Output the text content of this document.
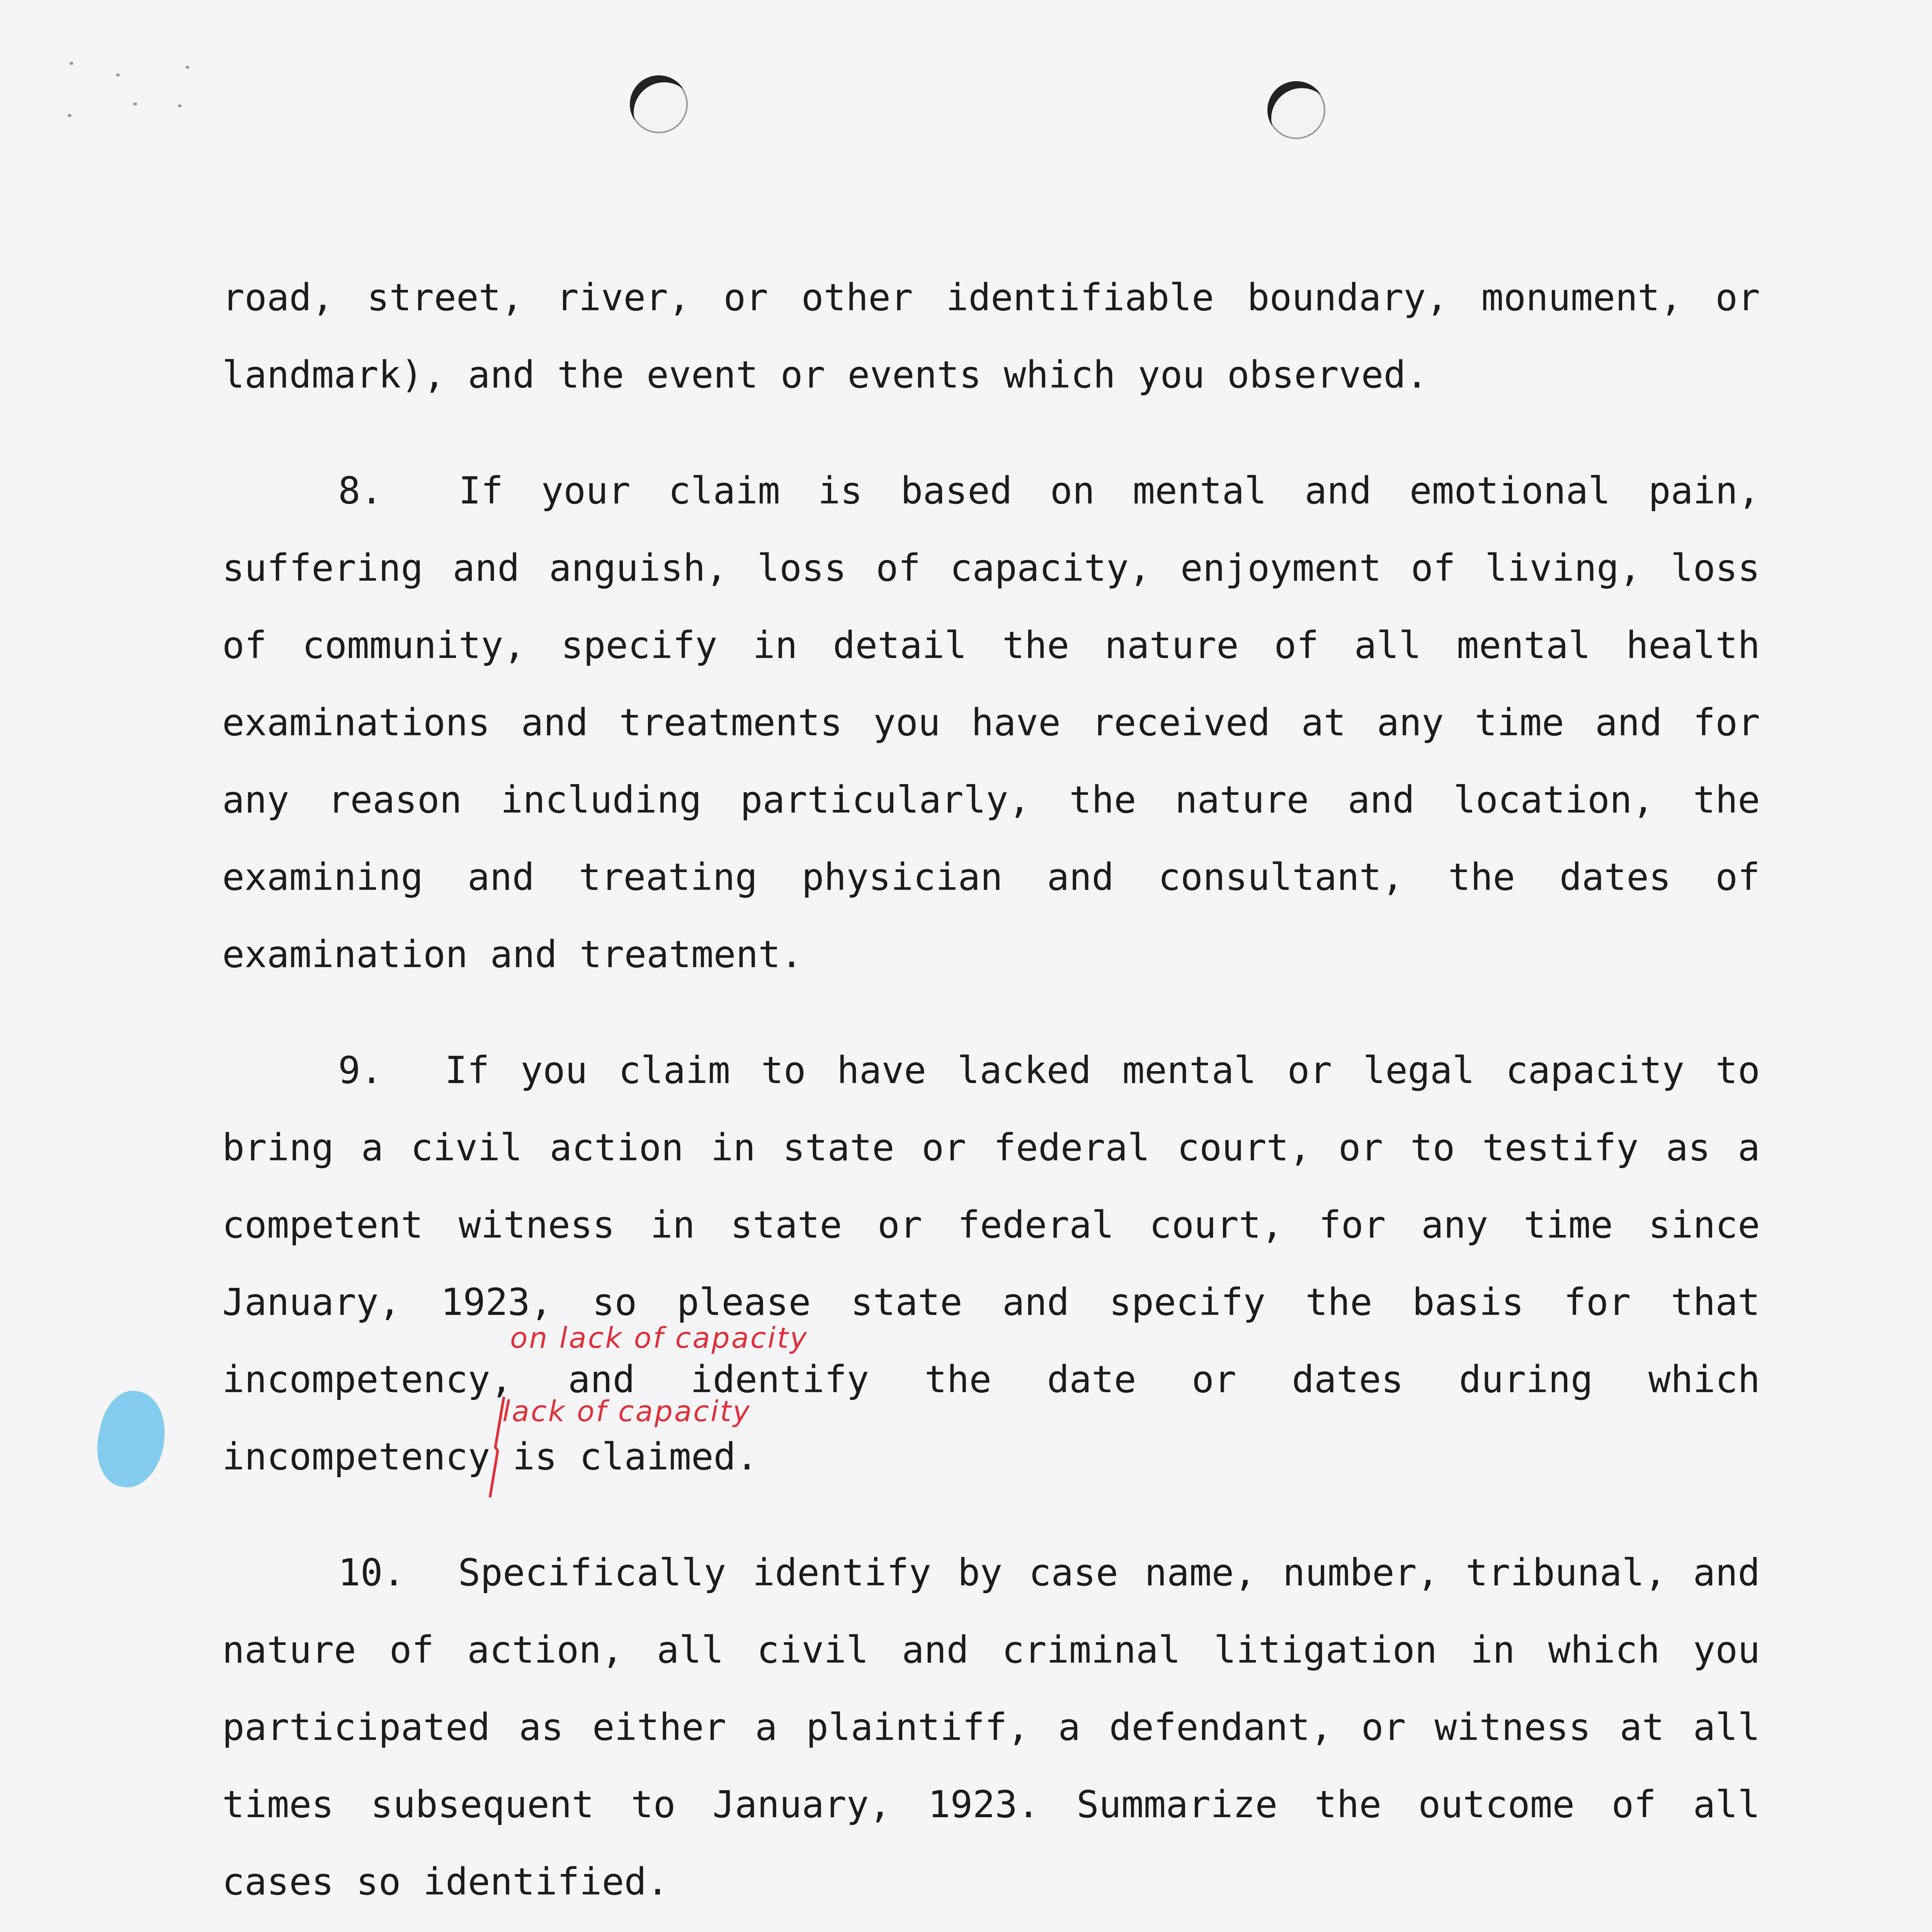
road, street, river, or other identifiable boundary, monument, or landmark), and the event or events which you observed.

8. If your claim is based on mental and emotional pain, suffering and anguish, loss of capacity, enjoyment of living, loss of community, specify in detail the nature of all mental health examinations and treatments you have received at any time and for any reason including particularly, the nature and location, the examining and treating physician and consultant, the dates of examination and treatment.

9. If you claim to have lacked mental or legal capacity to bring a civil action in state or federal court, or to testify as a competent witness in state or federal court, for any time since January, 1923, so please state and specify the basis for that incompetency, and identify the date or dates during which incompetency is claimed.

on lack of capacity
lack of capacity

10. Specifically identify by case name, number, tribunal, and nature of action, all civil and criminal litigation in which you participated as either a plaintiff, a defendant, or witness at all times subsequent to January, 1923. Summarize the outcome of all cases so identified.
